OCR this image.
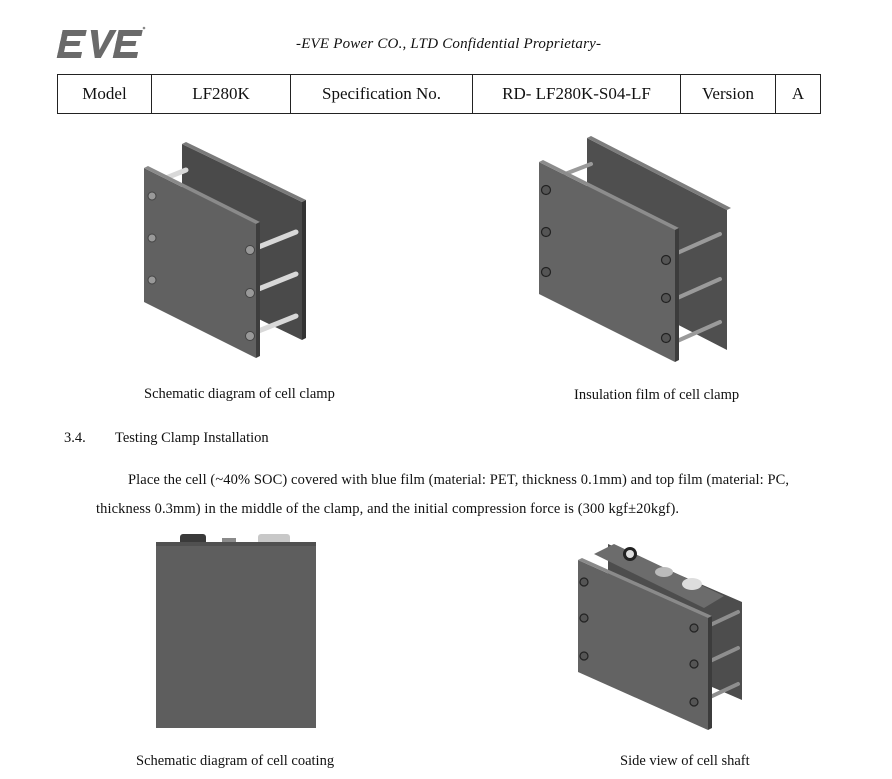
-EVE Power CO., LTD Confidential Proprietary-
Model	LF280K	Specification No.	RD- LF280K-S04-LF	Version	A
Schematic diagram of cell clamp	Insulation film of cell clamp
3.4. Testing Clamp Installation
Place the cell (~40% SOC) covered with blue film (material: PET, thickness 0.1mm) and top film (material: PC,
thickness 0.3mm) in the middle of the clamp, and the initial compression force is (300 kgf±20kgf).
Schematic diagram of cell coating	Side view of cell shaft
